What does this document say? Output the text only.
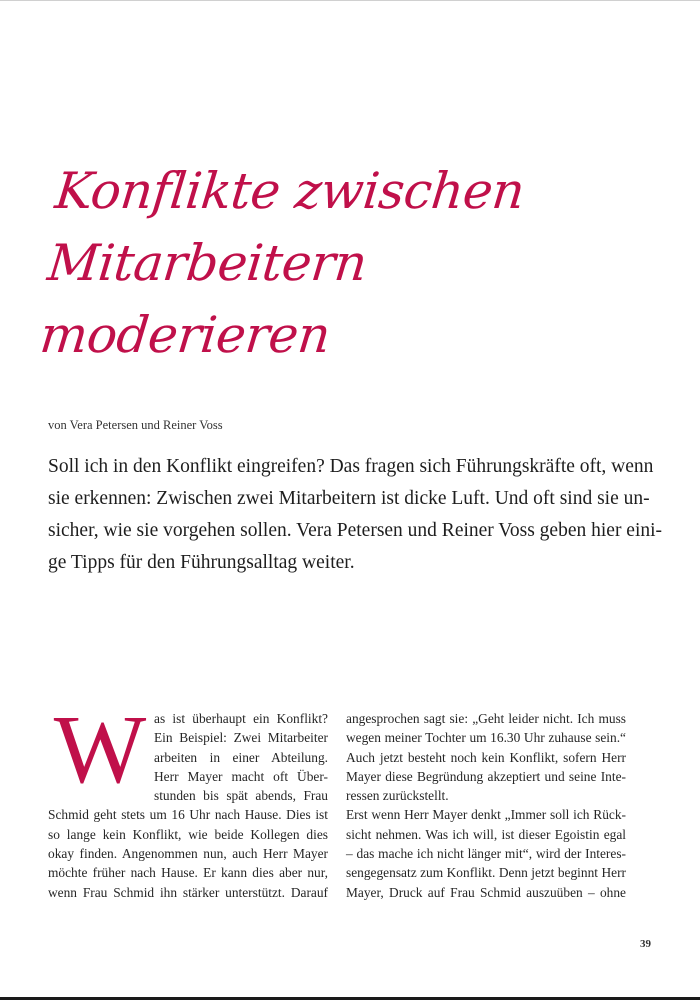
Konflikte zwischen
Mitarbeitern moderieren
von Vera Petersen und Reiner Voss

Soll ich in den Konflikt eingreifen? Das fragen sich Führungskräfte oft, wenn
sie erkennen: Zwischen zwei Mitarbeitern ist dicke Luft. Und oft sind sie un-
sicher, wie sie vorgehen sollen. Vera Petersen und Reiner Voss geben hier eini-
ge Tipps für den Führungsalltag weiter.

W as ist überhaupt ein Konflikt?
Ein Beispiel: Zwei Mitarbeiter
arbeiten in einer Abteilung.
Herr Mayer macht oft Über-
stunden bis spät abends, Frau
Schmid geht stets um 16 Uhr nach Hause. Dies ist
so lange kein Konflikt, wie beide Kollegen dies
okay finden. Angenommen nun, auch Herr Mayer
möchte früher nach Hause. Er kann dies aber nur,
wenn Frau Schmid ihn stärker unterstützt. Darauf
angesprochen sagt sie: „Geht leider nicht. Ich muss
wegen meiner Tochter um 16.30 Uhr zuhause sein.“
Auch jetzt besteht noch kein Konflikt, sofern Herr
Mayer diese Begründung akzeptiert und seine Inte-
ressen zurückstellt.
Erst wenn Herr Mayer denkt „Immer soll ich Rück-
sicht nehmen. Was ich will, ist dieser Egoistin egal
– das mache ich nicht länger mit“, wird der Interes-
sengegensatz zum Konflikt. Denn jetzt beginnt Herr
Mayer, Druck auf Frau Schmid auszuüben – ohne
39
